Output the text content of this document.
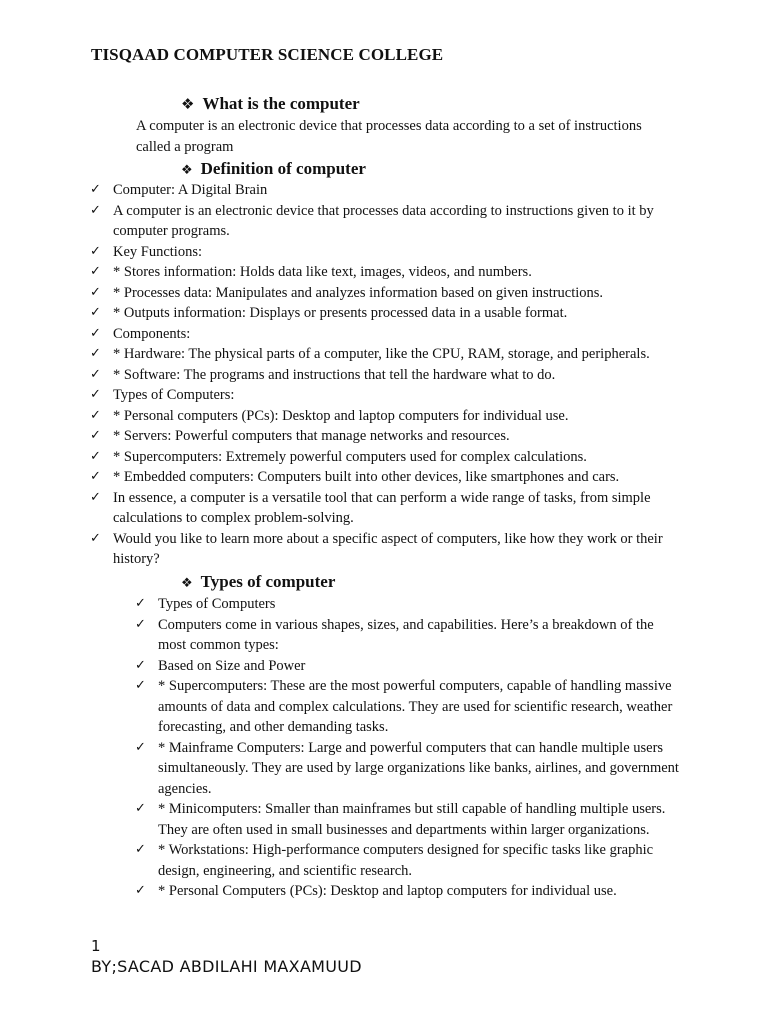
TISQAAD COMPUTER SCIENCE COLLEGE
❖ What is the computer
A computer is an electronic device that processes data according to a set of instructions called a program
❖ Definition of computer
✓ Computer: A Digital Brain
✓ A computer is an electronic device that processes data according to instructions given to it by computer programs.
✓ Key Functions:
✓ * Stores information: Holds data like text, images, videos, and numbers.
✓ * Processes data: Manipulates and analyzes information based on given instructions.
✓ * Outputs information: Displays or presents processed data in a usable format.
✓ Components:
✓ * Hardware: The physical parts of a computer, like the CPU, RAM, storage, and peripherals.
✓ * Software: The programs and instructions that tell the hardware what to do.
✓ Types of Computers:
✓ * Personal computers (PCs): Desktop and laptop computers for individual use.
✓ * Servers: Powerful computers that manage networks and resources.
✓ * Supercomputers: Extremely powerful computers used for complex calculations.
✓ * Embedded computers: Computers built into other devices, like smartphones and cars.
✓ In essence, a computer is a versatile tool that can perform a wide range of tasks, from simple calculations to complex problem-solving.
✓ Would you like to learn more about a specific aspect of computers, like how they work or their history?
❖ Types of computer
✓ Types of Computers
✓ Computers come in various shapes, sizes, and capabilities. Here’s a breakdown of the most common types:
✓ Based on Size and Power
✓ * Supercomputers: These are the most powerful computers, capable of handling massive amounts of data and complex calculations. They are used for scientific research, weather forecasting, and other demanding tasks.
✓ * Mainframe Computers: Large and powerful computers that can handle multiple users simultaneously. They are used by large organizations like banks, airlines, and government agencies.
✓ * Minicomputers: Smaller than mainframes but still capable of handling multiple users. They are often used in small businesses and departments within larger organizations.
✓ * Workstations: High-performance computers designed for specific tasks like graphic design, engineering, and scientific research.
✓ * Personal Computers (PCs): Desktop and laptop computers for individual use.
1
BY;SACAD ABDILAHI MAXAMUUD
